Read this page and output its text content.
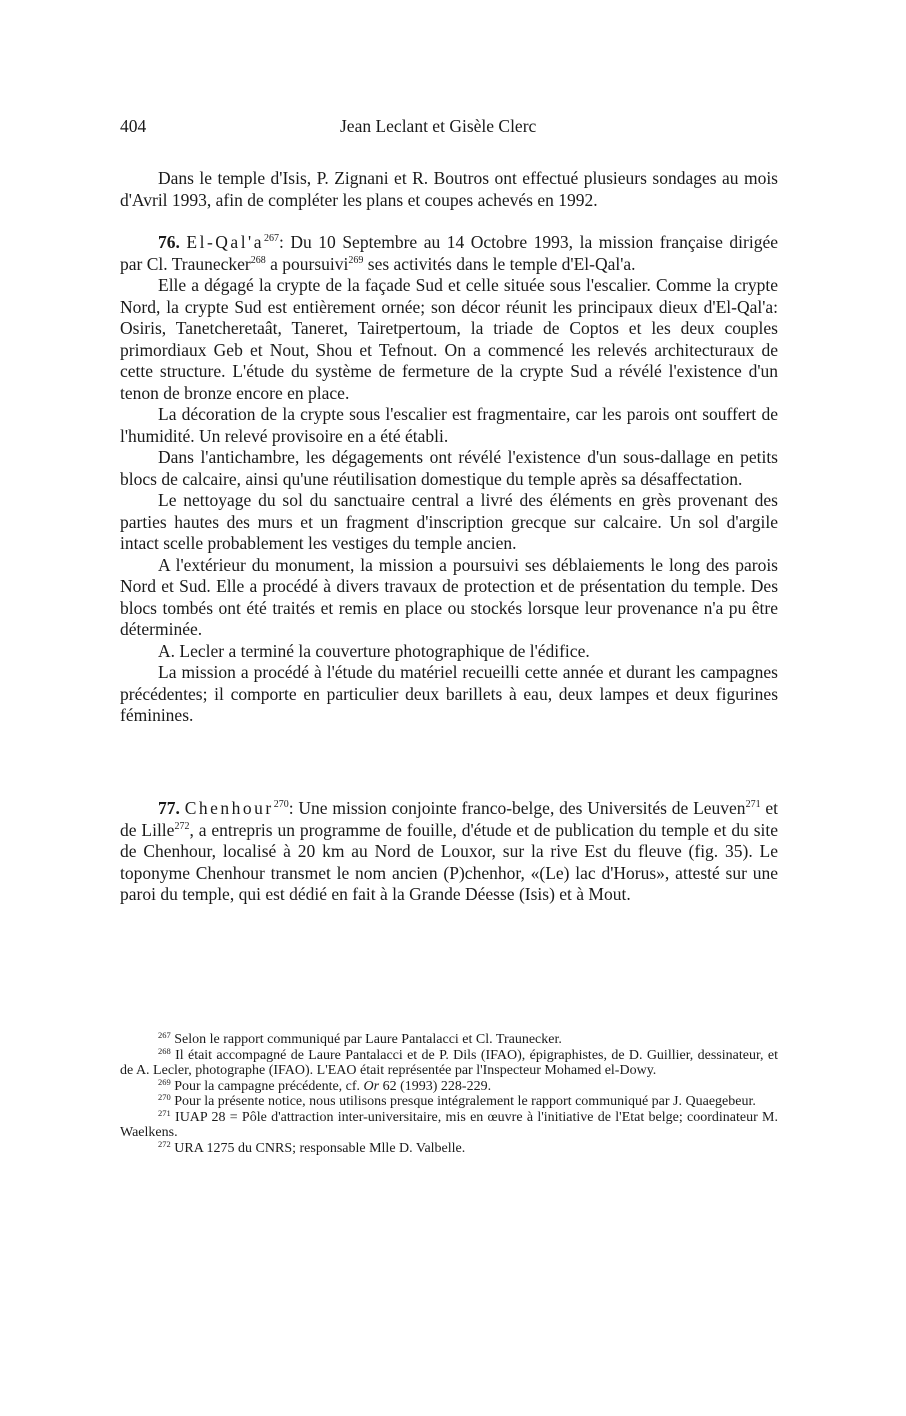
404	Jean Leclant et Gisèle Clerc

Dans le temple d'Isis, P. Zignani et R. Boutros ont effectué plusieurs sondages au mois d'Avril 1993, afin de compléter les plans et coupes achevés en 1992.

76. $El-Qal'a^{267}$: Du 10 Septembre au 14 Octobre 1993, la mission française dirigée par Cl. Traunecker$^{268}$ a poursuivi$^{269}$ ses activités dans le temple d'El-Qal'a.

Elle a dégagé la crypte de la façade Sud et celle située sous l'escalier. Comme la crypte Nord, la crypte Sud est entièrement ornée; son décor réunit les principaux dieux d'El-Qal'a: Osiris, Tanetcheretaât, Taneret, Tairetpertoum, la triade de Coptos et les deux couples primordiaux Geb et Nout, Shou et Tefnout. On a commencé les relevés architecturaux de cette structure. L'étude du système de fermeture de la crypte Sud a révélé l'existence d'un tenon de bronze encore en place.

La décoration de la crypte sous l'escalier est fragmentaire, car les parois ont souffert de l'humidité. Un relevé provisoire en a été établi.

Dans l'antichambre, les dégagements ont révélé l'existence d'un sous-dallage en petits blocs de calcaire, ainsi qu'une réutilisation domestique du temple après sa désaffectation.

Le nettoyage du sol du sanctuaire central a livré des éléments en grès provenant des parties hautes des murs et un fragment d'inscription grecque sur calcaire. Un sol d'argile intact scelle probablement les vestiges du temple ancien.

A l'extérieur du monument, la mission a poursuivi ses déblaiements le long des parois Nord et Sud. Elle a procédé à divers travaux de protection et de présentation du temple. Des blocs tombés ont été traités et remis en place ou stockés lorsque leur provenance n'a pu être déterminée.

A. Lecler a terminé la couverture photographique de l'édifice.

La mission a procédé à l'étude du matériel recueilli cette année et durant les campagnes précédentes; il comporte en particulier deux barillets à eau, deux lampes et deux figurines féminines.

77. Chenhour$^{270}$: Une mission conjointe franco-belge, des Universités de Leuven$^{271}$ et de Lille$^{272}$, a entrepris un programme de fouille, d'étude et de publication du temple et du site de Chenhour, localisé à 20 km au Nord de Louxor, sur la rive Est du fleuve (fig. 35). Le toponyme Chenhour transmet le nom ancien (P)chenhor, «(Le) lac d'Horus», attesté sur une paroi du temple, qui est dédié en fait à la Grande Déesse (Isis) et à Mout.

$^{267}$ Selon le rapport communiqué par Laure Pantalacci et Cl. Traunecker.

$^{268}$ Il était accompagné de Laure Pantalacci et de P. Dils (IFAO), épigraphistes, de D. Guillier, dessinateur, et de A. Lecler, photographe (IFAO). L'EAO était représentée par l'Inspecteur Mohamed el-Dowy.

$^{269}$ Pour la campagne précédente, cf. Or 62 (1993) 228-229.

$^{270}$ Pour la présente notice, nous utilisons presque intégralement le rapport communiqué par J. Quaegebeur.

$^{271}$ IUAP 28 = Pôle d'attraction inter-universitaire, mis en œuvre à l'initiative de l'Etat belge; coordinateur M. Waelkens.

$^{272}$ URA 1275 du CNRS; responsable Mlle D. Valbelle.
